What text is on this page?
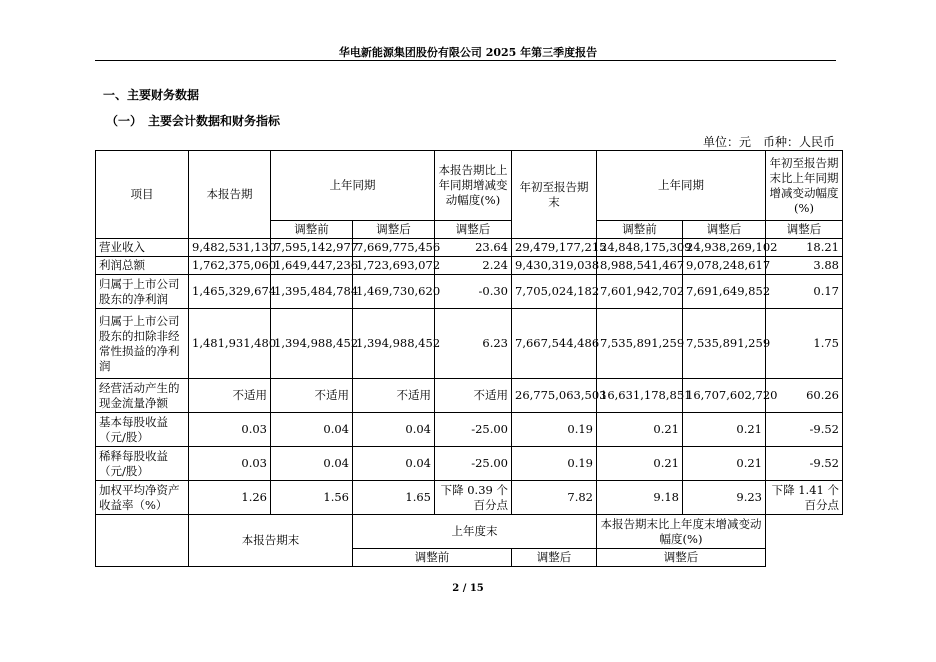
华电新能源集团股份有限公司 2025 年第三季度报告
一、主要财务数据
（一）　主要会计数据和财务指标
单位：元　币种：人民币
项目	本报告期	上年同期		本报告期比上年同期增减变动幅度(%)	年初至报告期末	上年同期		年初至报告期末比上年同期增减变动幅度(%)
		调整前	调整后	调整后		调整前	调整后	调整后
营业收入	9,482,531,130	7,595,142,977	7,669,775,456	23.64	29,479,177,215	24,848,175,309	24,938,269,102	18.21
利润总额	1,762,375,060	1,649,447,236	1,723,693,072	2.24	9,430,319,038	8,988,541,467	9,078,248,617	3.88
归属于上市公司股东的净利润	1,465,329,674	1,395,484,784	1,469,730,620	-0.30	7,705,024,182	7,601,942,702	7,691,649,852	0.17
归属于上市公司股东的扣除非经常性损益的净利润	1,481,931,480	1,394,988,452	1,394,988,452	6.23	7,667,544,486	7,535,891,259	7,535,891,259	1.75
经营活动产生的现金流量净额	不适用	不适用	不适用	不适用	26,775,063,503	16,631,178,851	16,707,602,720	60.26
基本每股收益（元/股）	0.03	0.04	0.04	-25.00	0.19	0.21	0.21	-9.52
稀释每股收益（元/股）	0.03	0.04	0.04	-25.00	0.19	0.21	0.21	-9.52
加权平均净资产收益率（%）	1.26	1.56	1.65	下降 0.39 个百分点	7.82	9.18	9.23	下降 1.41 个百分点
	本报告期末		上年度末			本报告期末比上年度末增减变动幅度(%)		
			调整前		调整后	调整后		
2 / 15
